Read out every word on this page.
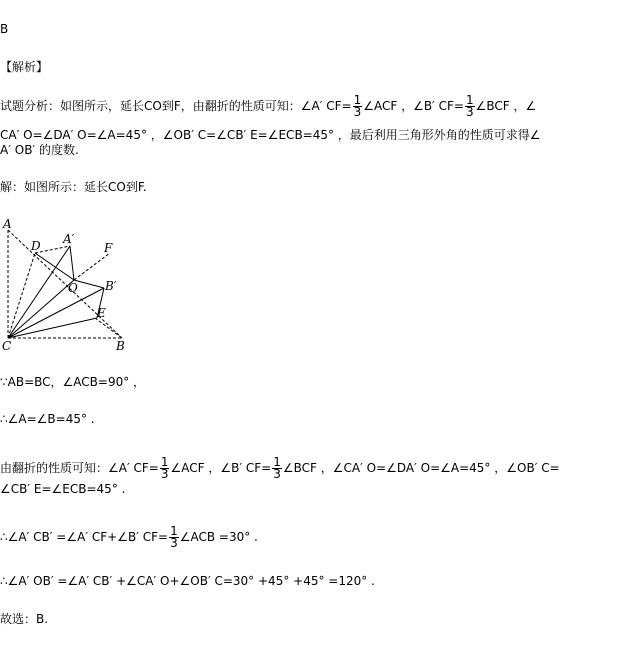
B
【解析】
试题分析：如图所示，延长CO到F，由翻折的性质可知：∠A′ $CF= \frac{1}{3}$ ∠ACF ，∠B′ $CF= \frac{1}{3}$ ∠BCF ，∠
CA′ O=∠DA′ O=∠A=45° ，∠OB′ C=∠CB′ E=∠ECB=45° ，最后利用三角形外角的性质可求得∠
A′ OB′ 的度数.
解：如图所示：延长CO到F.
A
D A′
F
O B′
E
C	B
∵AB=BC，∠ACB=90° ，
∴∠A=∠B=45° .
由翻折的性质可知：∠A′ $CF= \frac{1}{3}$ ∠ACF ，∠B′ $CF= \frac{1}{3}$ ∠BCF ，∠CA′ O=∠DA′ O=∠A=45° ，∠OB′ C=
∠CB′ E=∠ECB=45° .
∴∠A′ CB′ =∠A′ CF+∠B′ $CF= \frac{1}{3}$ ∠ACB =30° .
∴∠A′ OB′ =∠A′ CB′ +∠CA′ O+∠OB′ C=30° +45° +45° =120° .
故选：B.
